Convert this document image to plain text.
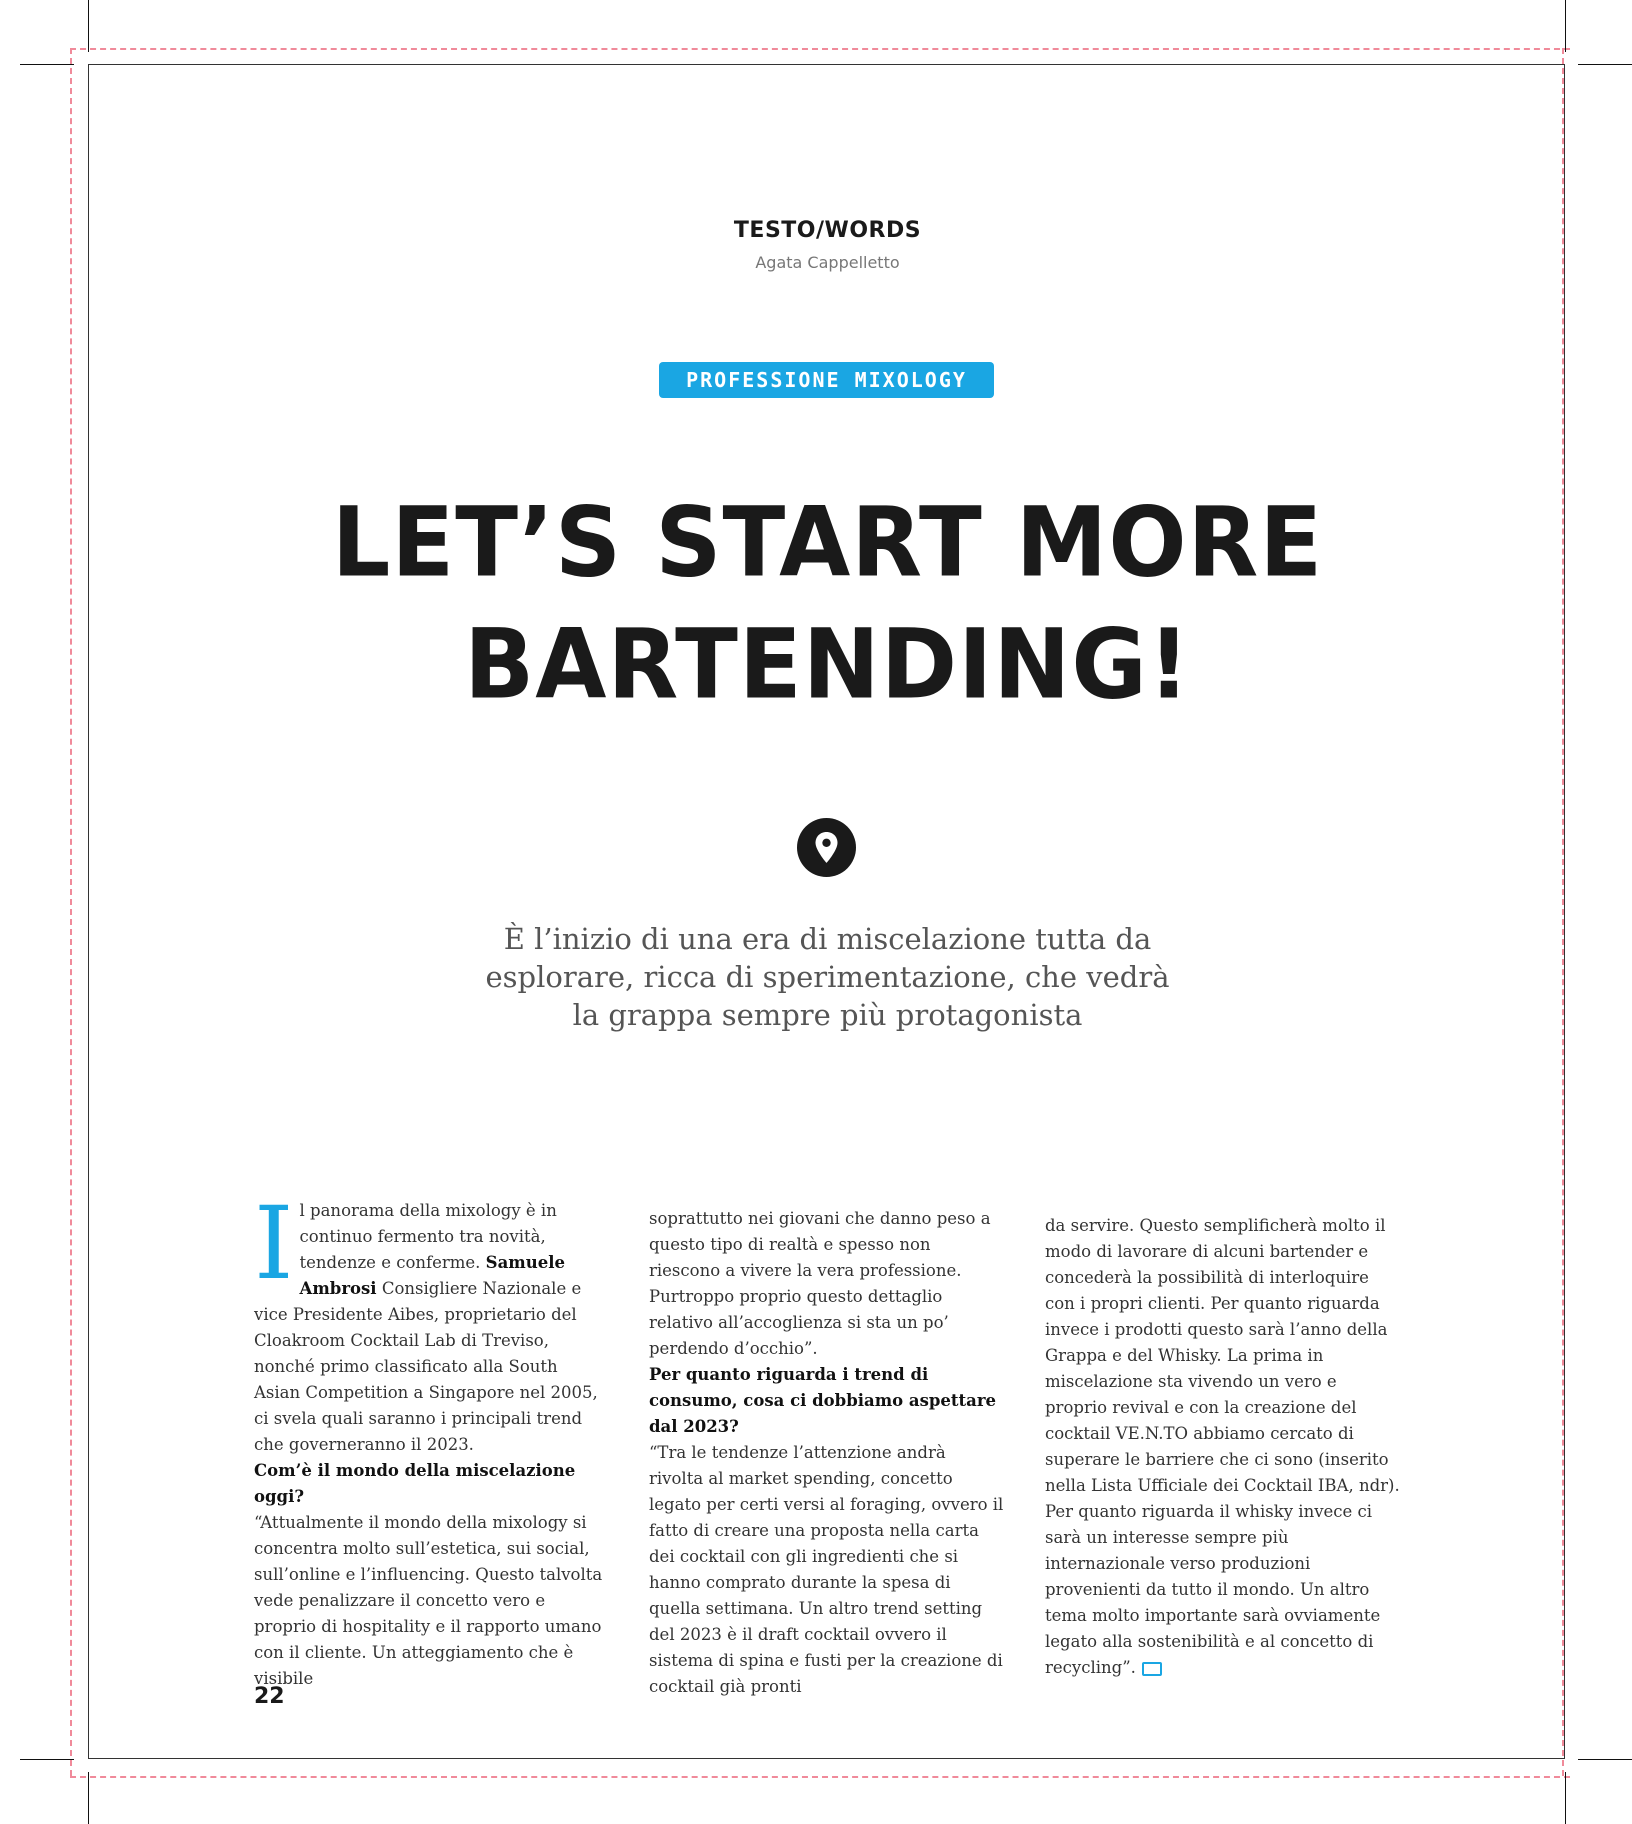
TESTO/WORDS
Agata Cappelletto
PROFESSIONE MIXOLOGY
LET’S START MORE
BARTENDING!
È l’inizio di una era di miscelazione tutta da
esplorare, ricca di sperimentazione, che vedrà
la grappa sempre più protagonista

Il panorama della mixology è in continuo fermento tra novità, tendenze e conferme. Samuele Ambrosi Consigliere Nazionale e vice Presidente Aibes, proprietario del Cloakroom Cocktail Lab di Treviso, nonché primo classificato alla South Asian Competition a Singapore nel 2005, ci svela quali saranno i principali trend che governeranno il 2023.

Com’è il mondo della miscelazione oggi?

“Attualmente il mondo della mixology si concentra molto sull’estetica, sui social, sull’online e l’influencing. Questo talvolta vede penalizzare il concetto vero e proprio di hospitality e il rapporto umano con il cliente. Un atteggiamento che è visibile

soprattutto nei giovani che danno peso a questo tipo di realtà e spesso non riescono a vivere la vera professione. Purtroppo proprio questo dettaglio relativo all’accoglienza si sta un po’ perdendo d’occhio”.

Per quanto riguarda i trend di consumo, cosa ci dobbiamo aspettare dal 2023?

“Tra le tendenze l’attenzione andrà rivolta al market spending, concetto legato per certi versi al foraging, ovvero il fatto di creare una proposta nella carta dei cocktail con gli ingredienti che si hanno comprato durante la spesa di quella settimana. Un altro trend setting del 2023 è il draft cocktail ovvero il sistema di spina e fusti per la creazione di cocktail già pronti

da servire. Questo semplificherà molto il modo di lavorare di alcuni bartender e concederà la possibilità di interloquire con i propri clienti. Per quanto riguarda invece i prodotti questo sarà l’anno della Grappa e del Whisky. La prima in miscelazione sta vivendo un vero e proprio revival e con la creazione del cocktail VE.N.TO abbiamo cercato di superare le barriere che ci sono (inserito nella Lista Ufficiale dei Cocktail IBA, ndr). Per quanto riguarda il whisky invece ci sarà un interesse sempre più internazionale verso produzioni provenienti da tutto il mondo. Un altro tema molto importante sarà ovviamente legato alla sostenibilità e al concetto di recycling”.

22
